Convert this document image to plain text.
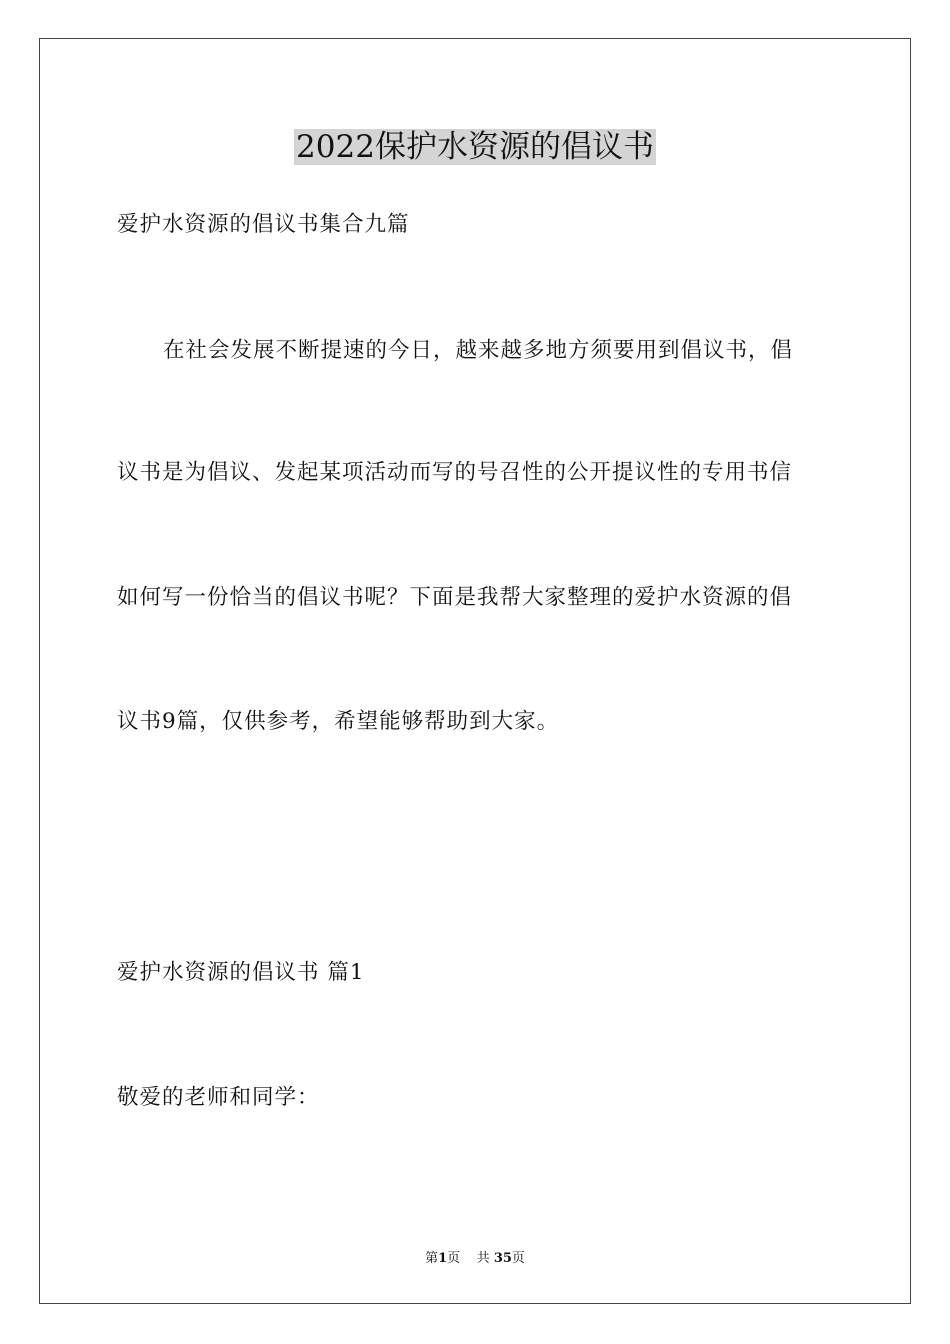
2022保护水资源的倡议书
爱护水资源的倡议书集合九篇
在社会发展不断提速的今日，越来越多地方须要用到倡议书，倡
议书是为倡议、发起某项活动而写的号召性的公开提议性的专用书信
如何写一份恰当的倡议书呢？下面是我帮大家整理的爱护水资源的倡
议书9篇，仅供参考，希望能够帮助到大家。
爱护水资源的倡议书 篇1
敬爱的老师和同学：
第1页 共 35页
